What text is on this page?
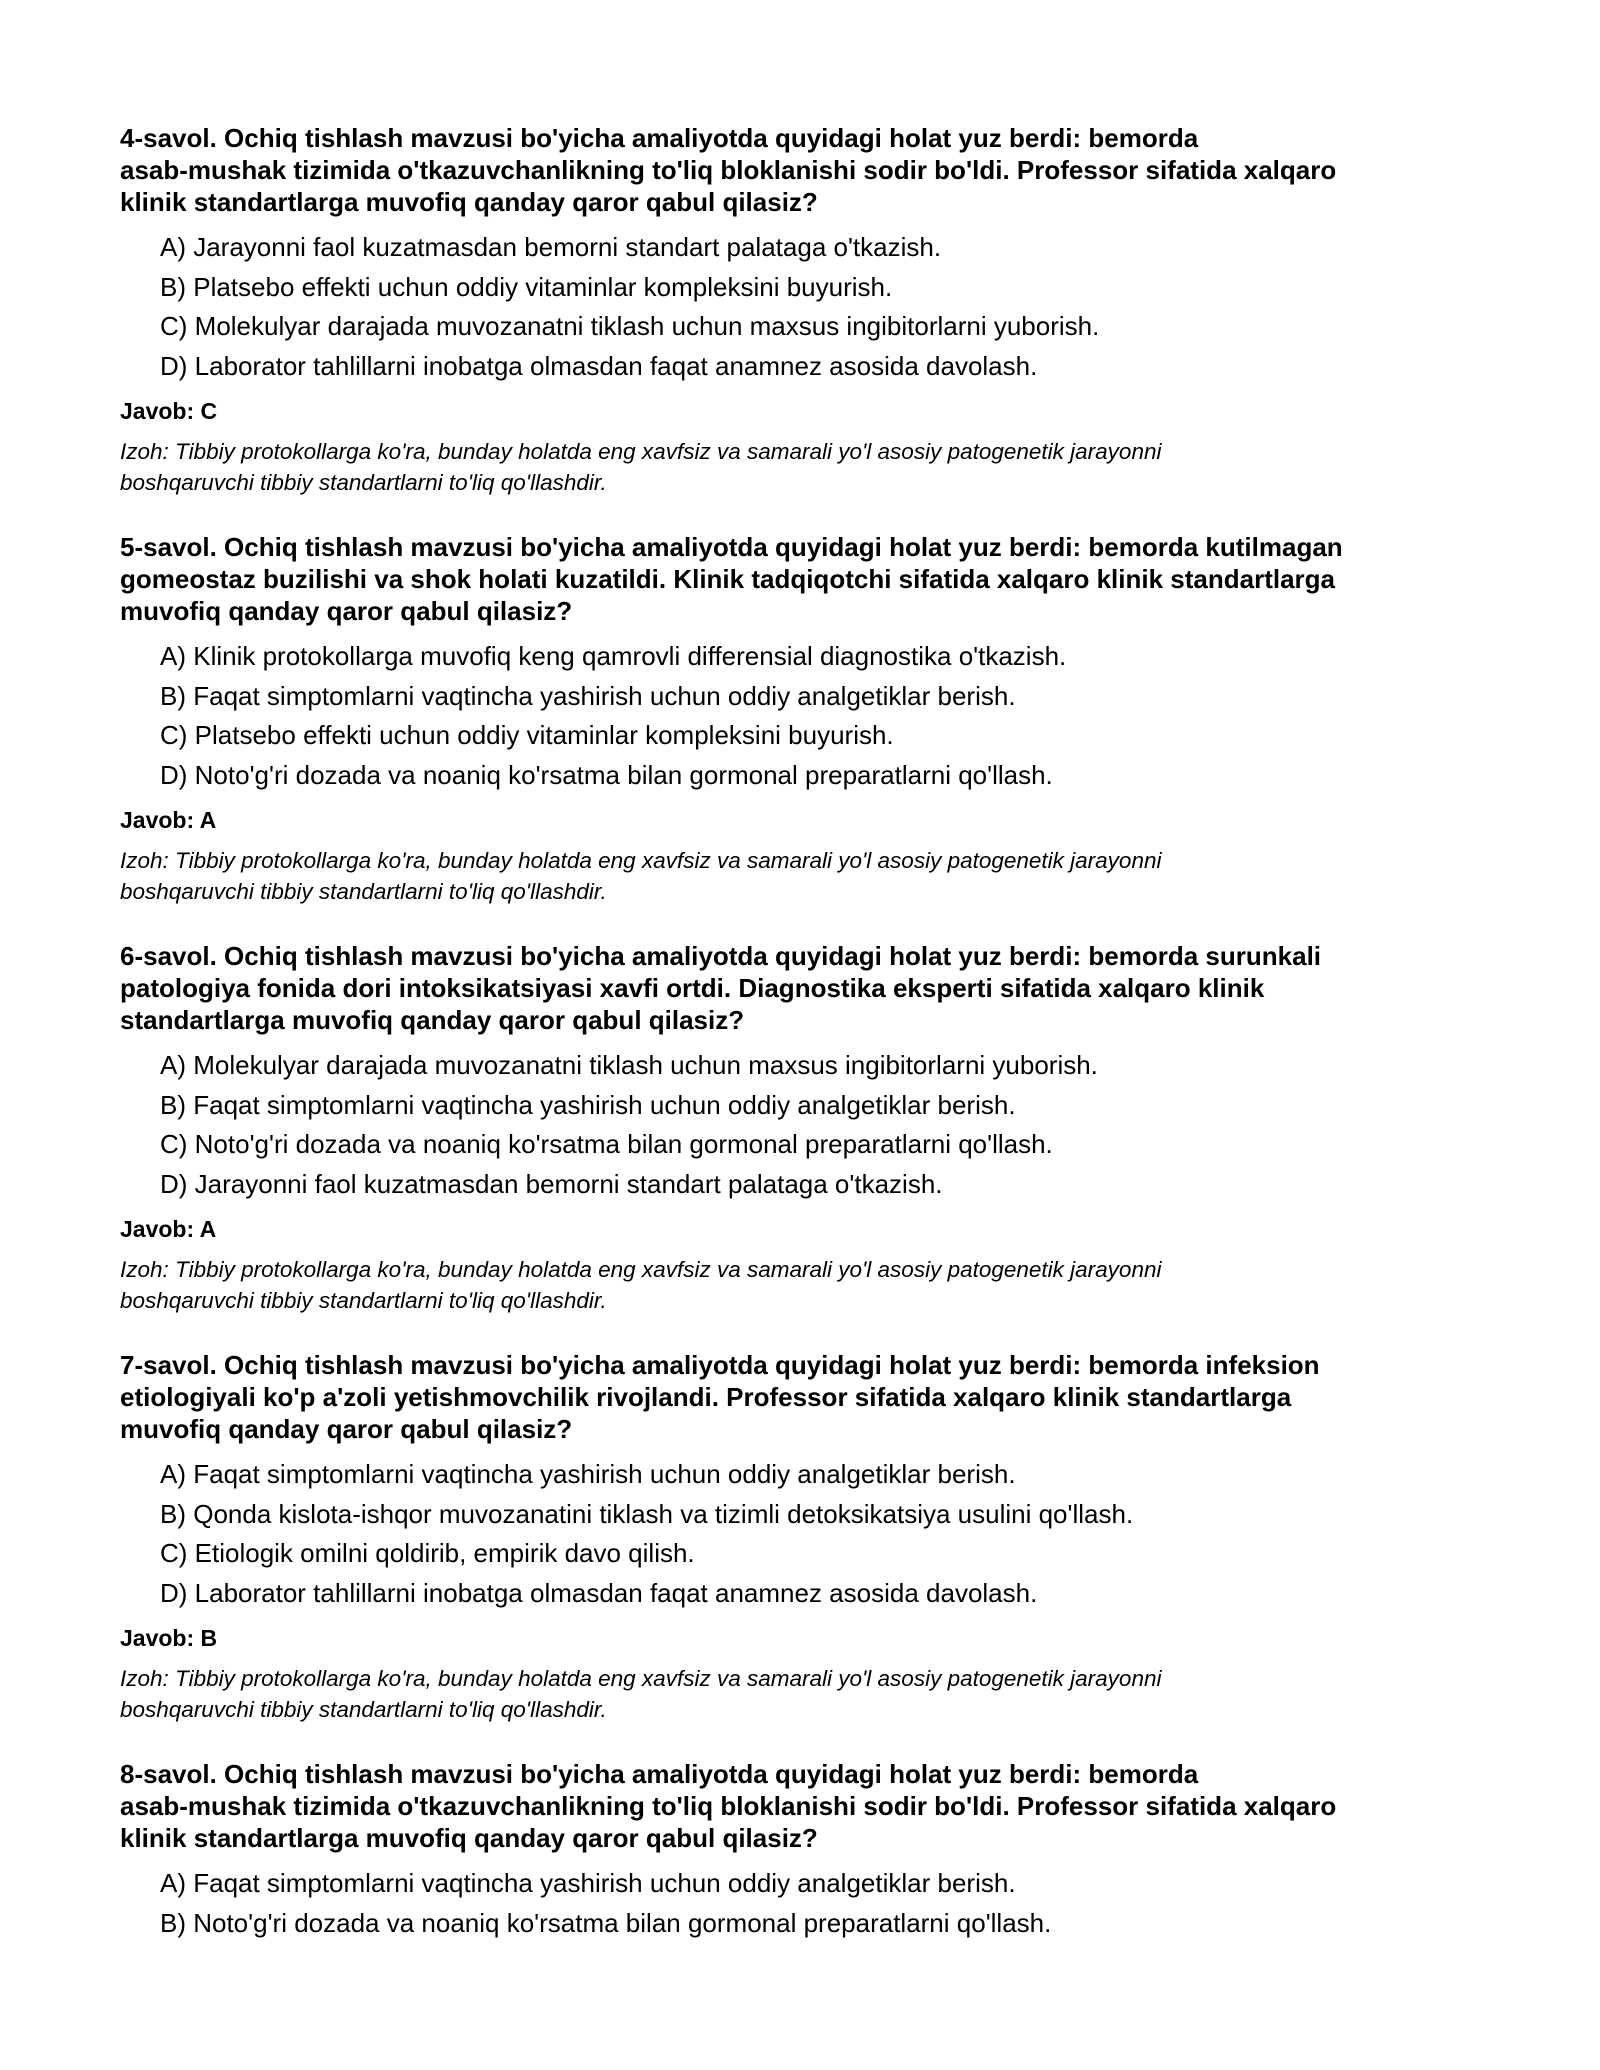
4-savol. Ochiq tishlash mavzusi bo'yicha amaliyotda quyidagi holat yuz berdi: bemorda
asab-mushak tizimida o'tkazuvchanlikning to'liq bloklanishi sodir bo'ldi. Professor sifatida xalqaro
klinik standartlarga muvofiq qanday qaror qabul qilasiz?

A) Jarayonni faol kuzatmasdan bemorni standart palataga o'tkazish.
B) Platsebo effekti uchun oddiy vitaminlar kompleksini buyurish.
C) Molekulyar darajada muvozanatni tiklash uchun maxsus ingibitorlarni yuborish.
D) Laborator tahlillarni inobatga olmasdan faqat anamnez asosida davolash.
Javob: C
Izoh: Tibbiy protokollarga ko'ra, bunday holatda eng xavfsiz va samarali yo'l asosiy patogenetik jarayonni
boshqaruvchi tibbiy standartlarni to'liq qo'llashdir.

5-savol. Ochiq tishlash mavzusi bo'yicha amaliyotda quyidagi holat yuz berdi: bemorda kutilmagan
gomeostaz buzilishi va shok holati kuzatildi. Klinik tadqiqotchi sifatida xalqaro klinik standartlarga
muvofiq qanday qaror qabul qilasiz?

A) Klinik protokollarga muvofiq keng qamrovli differensial diagnostika o'tkazish.
B) Faqat simptomlarni vaqtincha yashirish uchun oddiy analgetiklar berish.
C) Platsebo effekti uchun oddiy vitaminlar kompleksini buyurish.
D) Noto'g'ri dozada va noaniq ko'rsatma bilan gormonal preparatlarni qo'llash.
Javob: A
Izoh: Tibbiy protokollarga ko'ra, bunday holatda eng xavfsiz va samarali yo'l asosiy patogenetik jarayonni
boshqaruvchi tibbiy standartlarni to'liq qo'llashdir.

6-savol. Ochiq tishlash mavzusi bo'yicha amaliyotda quyidagi holat yuz berdi: bemorda surunkali
patologiya fonida dori intoksikatsiyasi xavfi ortdi. Diagnostika eksperti sifatida xalqaro klinik
standartlarga muvofiq qanday qaror qabul qilasiz?

A) Molekulyar darajada muvozanatni tiklash uchun maxsus ingibitorlarni yuborish.
B) Faqat simptomlarni vaqtincha yashirish uchun oddiy analgetiklar berish.
C) Noto'g'ri dozada va noaniq ko'rsatma bilan gormonal preparatlarni qo'llash.
D) Jarayonni faol kuzatmasdan bemorni standart palataga o'tkazish.
Javob: A
Izoh: Tibbiy protokollarga ko'ra, bunday holatda eng xavfsiz va samarali yo'l asosiy patogenetik jarayonni
boshqaruvchi tibbiy standartlarni to'liq qo'llashdir.

7-savol. Ochiq tishlash mavzusi bo'yicha amaliyotda quyidagi holat yuz berdi: bemorda infeksion
etiologiyali ko'p a'zoli yetishmovchilik rivojlandi. Professor sifatida xalqaro klinik standartlarga
muvofiq qanday qaror qabul qilasiz?

A) Faqat simptomlarni vaqtincha yashirish uchun oddiy analgetiklar berish.
B) Qonda kislota-ishqor muvozanatini tiklash va tizimli detoksikatsiya usulini qo'llash.
C) Etiologik omilni qoldirib, empirik davo qilish.
D) Laborator tahlillarni inobatga olmasdan faqat anamnez asosida davolash.
Javob: B
Izoh: Tibbiy protokollarga ko'ra, bunday holatda eng xavfsiz va samarali yo'l asosiy patogenetik jarayonni
boshqaruvchi tibbiy standartlarni to'liq qo'llashdir.

8-savol. Ochiq tishlash mavzusi bo'yicha amaliyotda quyidagi holat yuz berdi: bemorda
asab-mushak tizimida o'tkazuvchanlikning to'liq bloklanishi sodir bo'ldi. Professor sifatida xalqaro
klinik standartlarga muvofiq qanday qaror qabul qilasiz?

A) Faqat simptomlarni vaqtincha yashirish uchun oddiy analgetiklar berish.
B) Noto'g'ri dozada va noaniq ko'rsatma bilan gormonal preparatlarni qo'llash.
